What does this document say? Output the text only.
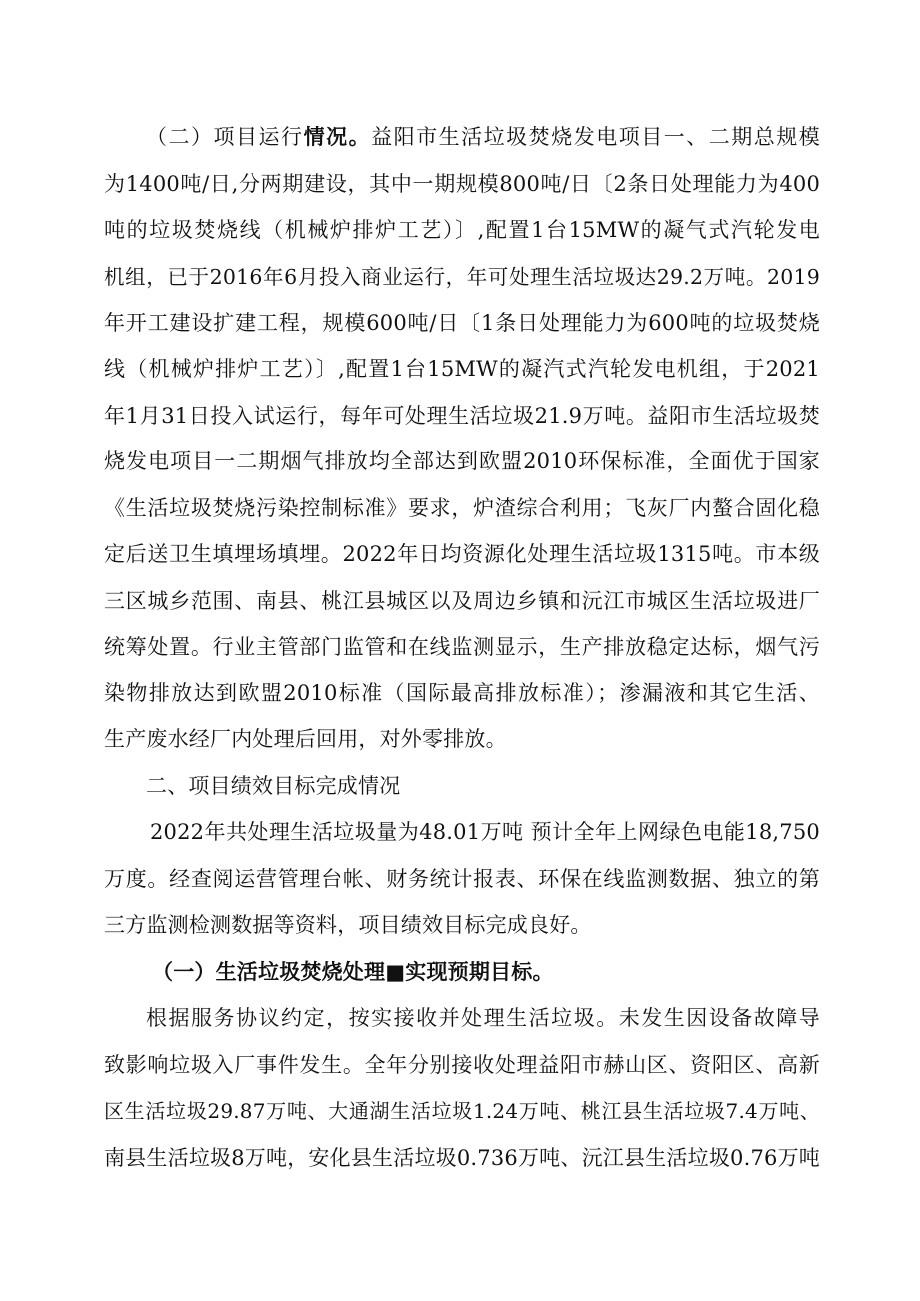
（二）项目运行情况。益阳市生活垃圾焚烧发电项目一、二期总规模
为1400吨/日,分两期建设，其中一期规模800吨/日〔2条日处理能力为400
吨的垃圾焚烧线（机械炉排炉工艺）〕,配置1台15MW的凝气式汽轮发电
机组，已于2016年6月投入商业运行，年可处理生活垃圾达29.2万吨。2019
年开工建设扩建工程，规模600吨/日〔1条日处理能力为600吨的垃圾焚烧
线（机械炉排炉工艺）〕,配置1台15MW的凝汽式汽轮发电机组，于2021
年1月31日投入试运行，每年可处理生活垃圾21.9万吨。益阳市生活垃圾焚
烧发电项目一二期烟气排放均全部达到欧盟2010环保标准，全面优于国家
《生活垃圾焚烧污染控制标准》要求，炉渣综合利用；飞灰厂内螯合固化稳
定后送卫生填埋场填埋。2022年日均资源化处理生活垃圾1315吨。市本级
三区城乡范围、南县、桃江县城区以及周边乡镇和沅江市城区生活垃圾进厂
统筹处置。行业主管部门监管和在线监测显示，生产排放稳定达标，烟气污
染物排放达到欧盟2010标准（国际最高排放标准）；渗漏液和其它生活、
生产废水经厂内处理后回用，对外零排放。
二、项目绩效目标完成情况
2022年共处理生活垃圾量为48.01万吨 预计全年上网绿色电能18,750
万度。经查阅运营管理台帐、财务统计报表、环保在线监测数据、独立的第
三方监测检测数据等资料，项目绩效目标完成良好。
（一）生活垃圾焚烧处理■实现预期目标。
根据服务协议约定，按实接收并处理生活垃圾。未发生因设备故障导
致影响垃圾入厂事件发生。全年分别接收处理益阳市赫山区、资阳区、高新
区生活垃圾29.87万吨、大通湖生活垃圾1.24万吨、桃江县生活垃圾7.4万吨、
南县生活垃圾8万吨，安化县生活垃圾0.736万吨、沅江县生活垃圾0.76万吨
